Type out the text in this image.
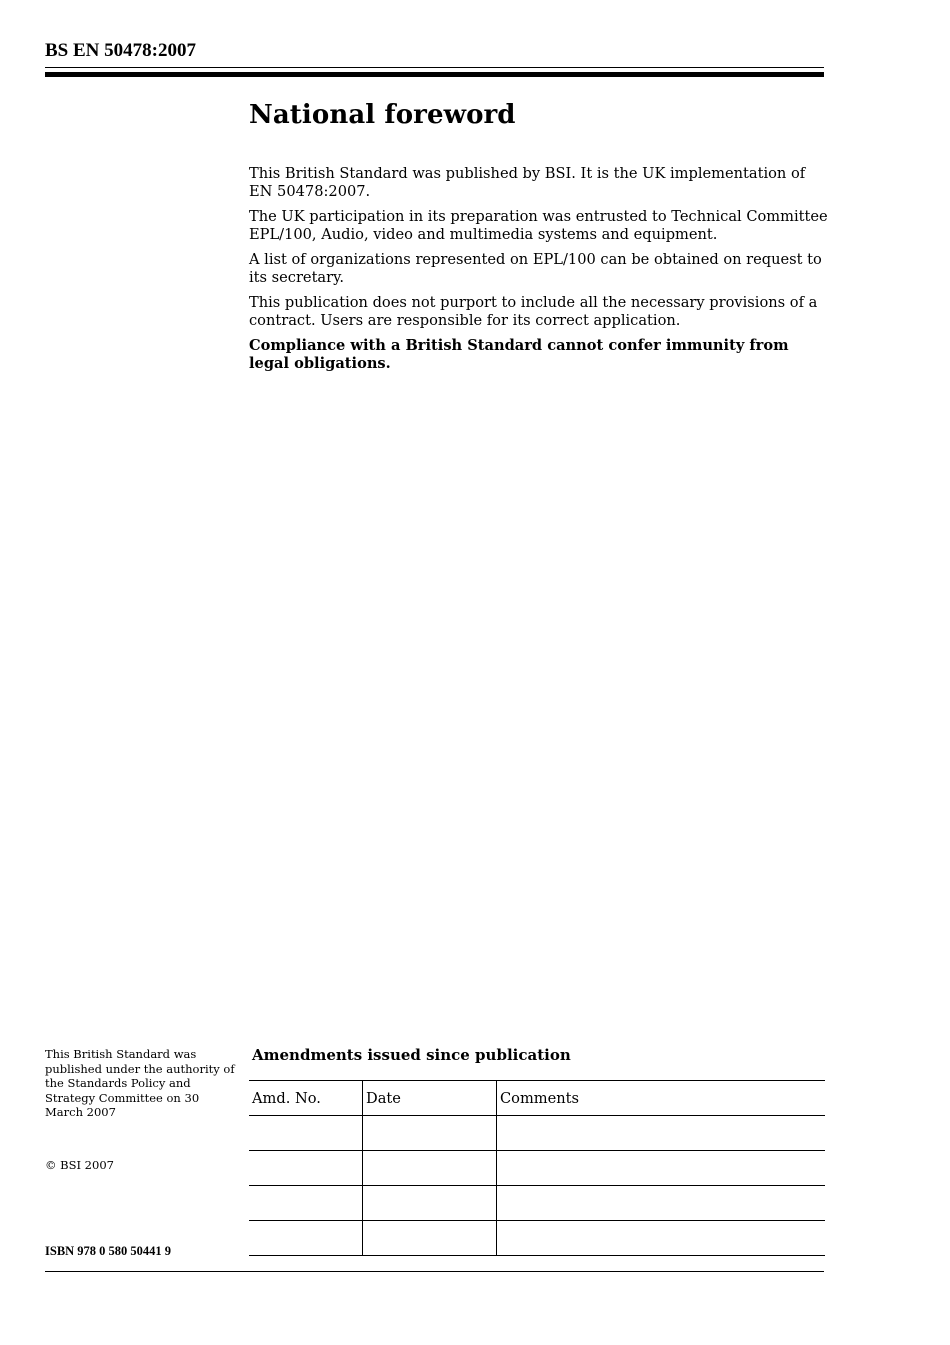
BS EN 50478:2007
National foreword

This British Standard was published by BSI. It is the UK implementation of EN 50478:2007.

The UK participation in its preparation was entrusted to Technical Committee EPL/100, Audio, video and multimedia systems and equipment.

A list of organizations represented on EPL/100 can be obtained on request to its secretary.

This publication does not purport to include all the necessary provisions of a contract. Users are responsible for its correct application.

Compliance with a British Standard cannot confer immunity from legal obligations.

This British Standard was published under the authority of the Standards Policy and Strategy Committee on 30 March 2007

© BSI 2007

ISBN 978 0 580 50441 9

Amendments issued since publication

Amd. No.	Date	Comments
